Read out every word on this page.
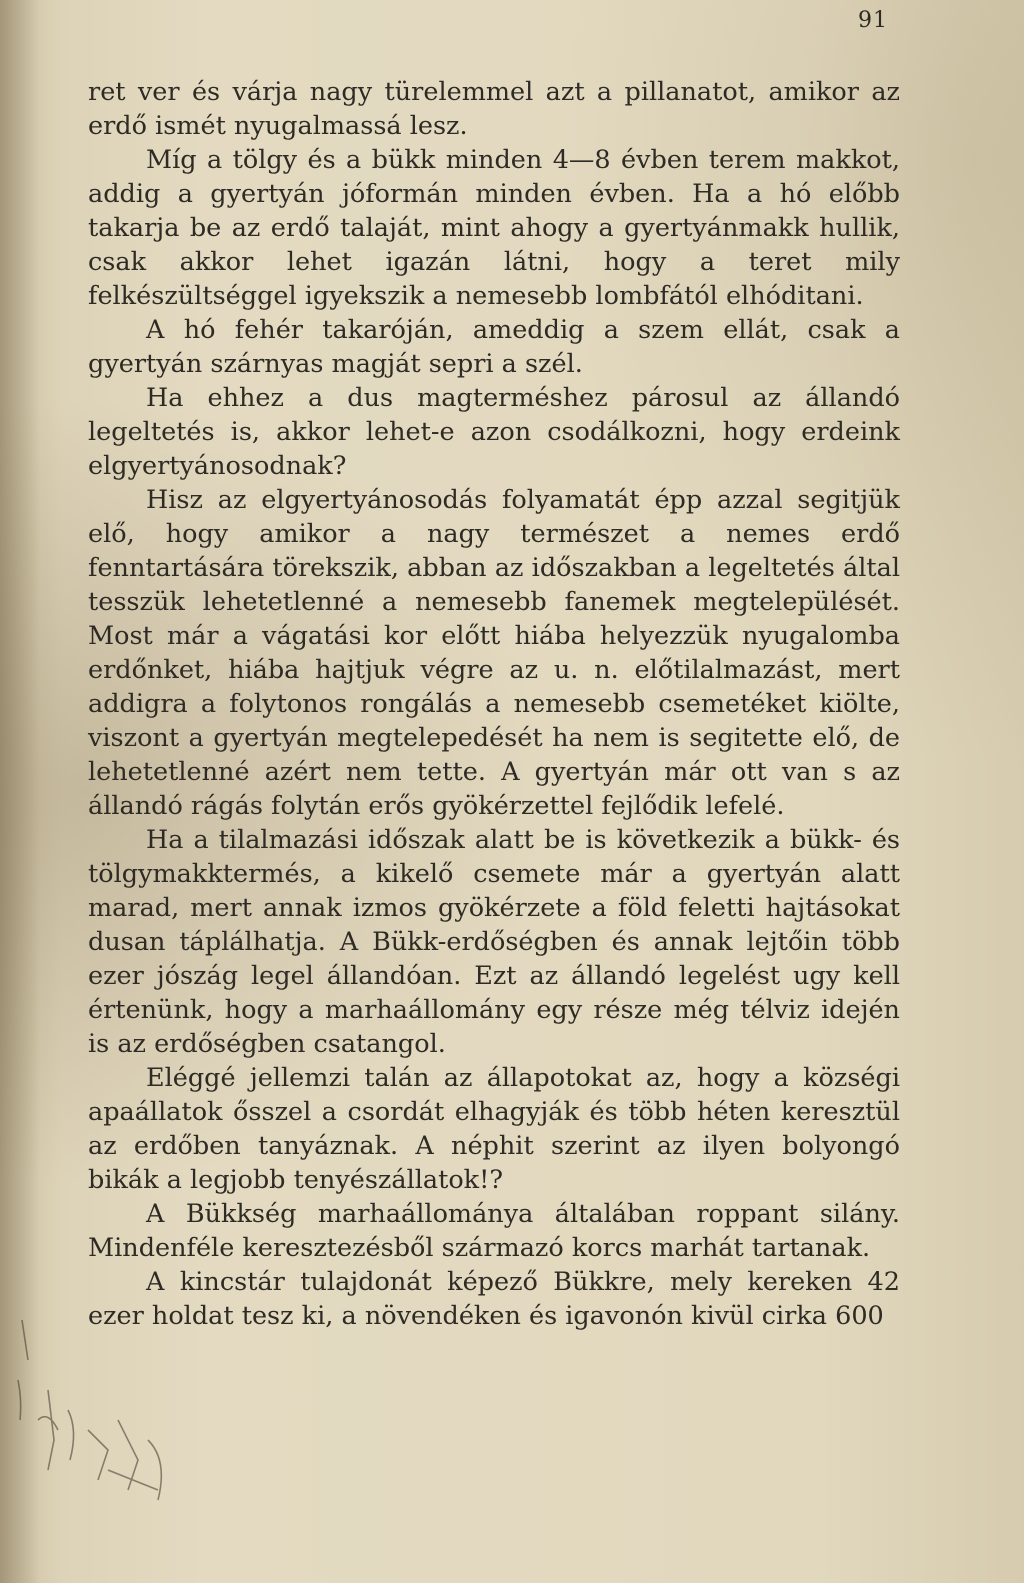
91

ret ver és várja nagy türelemmel azt a pillanatot, amikor az erdő ismét nyugalmassá lesz.

Míg a tölgy és a bükk minden 4—8 évben terem makkot, addig a gyertyán jóformán minden évben. Ha a hó előbb takarja be az erdő talaját, mint ahogy a gyertyánmakk hullik, csak akkor lehet igazán látni, hogy a teret mily felkészültséggel igyekszik a nemesebb lombfától elhóditani.

A hó fehér takaróján, ameddig a szem ellát, csak a gyertyán szárnyas magját sepri a szél.

Ha ehhez a dus magterméshez párosul az állandó legeltetés is, akkor lehet-e azon csodálkozni, hogy erdeink elgyertyánosodnak?

Hisz az elgyertyánosodás folyamatát épp azzal segitjük elő, hogy amikor a nagy természet a nemes erdő fenntartására törekszik, abban az időszakban a legeltetés által tesszük lehetetlenné a nemesebb fanemek megtelepülését. Most már a vágatási kor előtt hiába helyezzük nyugalomba erdőnket, hiába hajtjuk végre az u. n. előtilalmazást, mert addigra a folytonos rongálás a nemesebb csemetéket kiölte, viszont a gyertyán megtelepedését ha nem is segitette elő, de lehetetlenné azért nem tette. A gyertyán már ott van s az állandó rágás folytán erős gyökérzettel fejlődik lefelé.

Ha a tilalmazási időszak alatt be is következik a bükk- és tölgymakktermés, a kikelő csemete már a gyertyán alatt marad, mert annak izmos gyökérzete a föld feletti hajtásokat dusan táplálhatja. A Bükk-erdőségben és annak lejtőin több ezer jószág legel állandóan. Ezt az állandó legelést ugy kell értenünk, hogy a marhaállomány egy része még télviz idején is az erdőségben csatangol.

Eléggé jellemzi talán az állapotokat az, hogy a községi apaállatok ősszel a csordát elhagyják és több héten keresztül az erdőben tanyáznak. A néphit szerint az ilyen bolyongó bikák a legjobb tenyészállatok!?

A Bükkség marhaállománya általában roppant silány. Mindenféle keresztezésből származó korcs marhát tartanak.

A kincstár tulajdonát képező Bükkre, mely kereken 42 ezer holdat tesz ki, a növendéken és igavonón kivül cirka 600
